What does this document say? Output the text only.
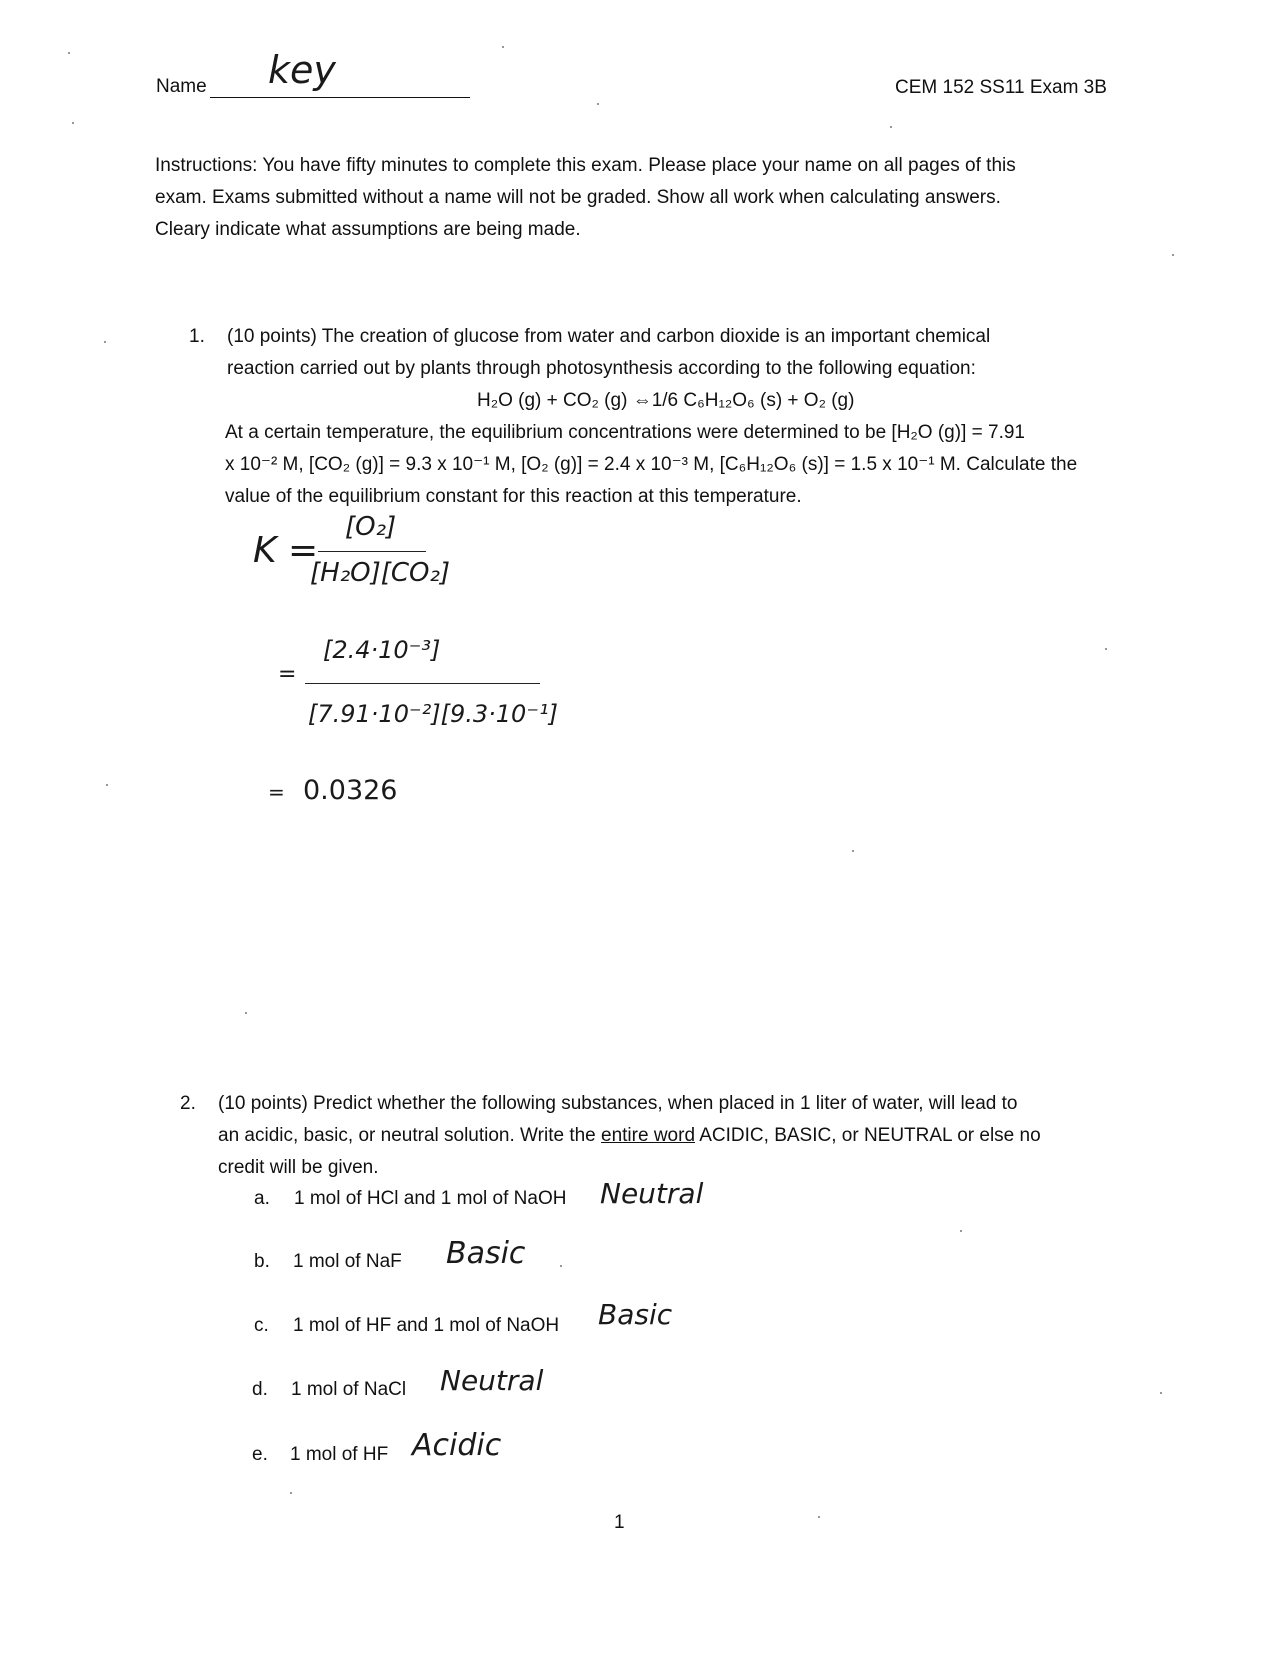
Name key	CEM 152 SS11 Exam 3B
Instructions: You have fifty minutes to complete this exam. Please place your name on all pages of this
exam. Exams submitted without a name will not be graded. Show all work when calculating answers.
Cleary indicate what assumptions are being made.
1. (10 points) The creation of glucose from water and carbon dioxide is an important chemical
reaction carried out by plants through photosynthesis according to the following equation:
H₂O (g) + CO₂ (g) ⇔1/6 C₆H₁₂O₆ (s) + O₂ (g)
At a certain temperature, the equilibrium concentrations were determined to be [H₂O (g)] = 7.91
x 10⁻² M, [CO₂ (g)] = 9.3 x 10⁻¹ M, [O₂ (g)] = 2.4 x 10⁻³ M, [C₆H₁₂O₆ (s)] = 1.5 x 10⁻¹ M. Calculate the
value of the equilibrium constant for this reaction at this temperature.
K =
[O₂]
[H₂O][CO₂]
=
[2.4·10⁻³]
[7.91·10⁻²][9.3·10⁻¹]
= 0.0326
2. (10 points) Predict whether the following substances, when placed in 1 liter of water, will lead to
an acidic, basic, or neutral solution. Write the entire word ACIDIC, BASIC, or NEUTRAL or else no
credit will be given.
a. 1 mol of HCl and 1 mol of NaOH Neutral
b. 1 mol of NaF Basic
c. 1 mol of HF and 1 mol of NaOH Basic
d. 1 mol of NaCl Neutral
e. 1 mol of HF Acidic
1
